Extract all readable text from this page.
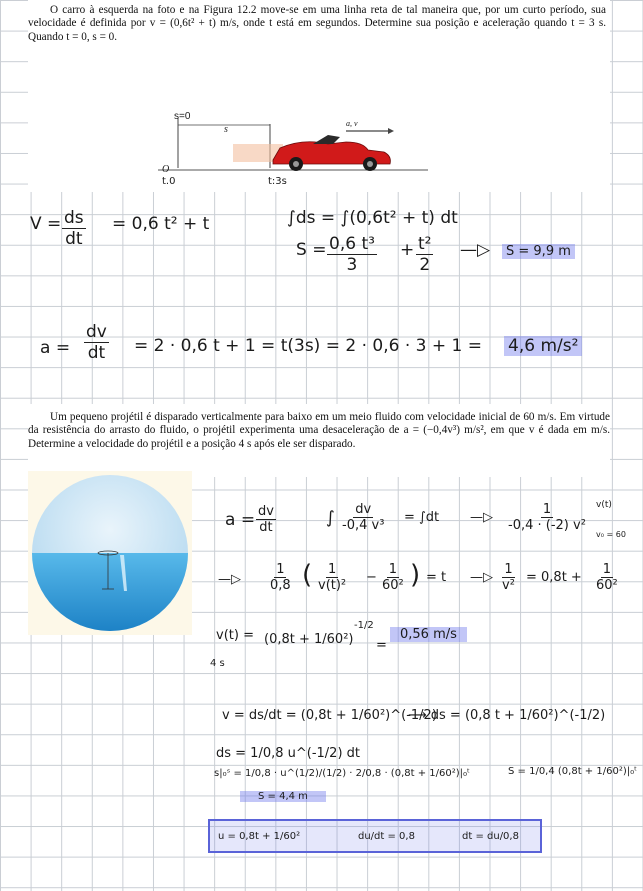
O carro à esquerda na foto e na Figura 12.2 move-se em uma linha reta de tal maneira que, por um curto período, sua velocidade é definida por v = (0,6t² + t) m/s, onde t está em segundos. Determine sua posição e aceleração quando t = 3 s. Quando t = 0, s = 0.

s=0
s
a, v
O
t.0	t:3s
$V = \frac{ds}{dt} = 0,6$ t² + t	∫ds = ∫(0,6t² + t) dt
$S = \frac{\text{0,6 t³}}{3} + \frac{\text{t²}}{2}$ —▷	S = 9,9 m
$a = \frac{dv}{dt} = 2 \cdot 0,6$ t + 1 = t(3s) = 2 · 0,6 · 3 + 1 = 4,6 m/s²

Um pequeno projétil é disparado verticalmente para baixo em um meio fluido com velocidade inicial de 60 m/s. Em virtude da resistência do arrasto do fluido, o projétil experimenta uma desaceleração de a = (−0,4v³) m/s², em que v é dada em m/s. Determine a velocidade do projétil e a posição 4 s após ele ser disparado.

$a = \frac{dv}{dt}$	∫ $\frac{dv}{\text{-0,4 v³}} = \int dt$ —▷ $\frac{1}{\text{-0,4 · (-2) v²}} v(t)$
v₀ = 60
—▷ $\frac{1}{0,8}$ ( $\frac{1}{\text{v(t)²}} - \frac{1}{\text{60²}}$ ) = t —▷ $\frac{1}{\text{v²}} = 0,8t + \frac{1}{\text{60²}}$
v(t) = (0,8t + 1/60²)
-1/2
=
0,56 m/s
4 s
v = ds/dt = (0,8t + 1/60²)^(-1/2)
⟶ ds = (0,8 t + 1/60²)^(-1/2)
ds = 1/0,8 u^(-1/2) dt
s|₀ˢ = 1/0,8 · u^(1/2)/(1/2) · 2/0,8 · (0,8t + 1/60²)|₀ᵗ	S = 1/0,4 (0,8t + 1/60²)|₀ᵗ
S = 4,4 m
u = 0,8t + 1/60²	du/dt = 0,8	dt = du/0,8
